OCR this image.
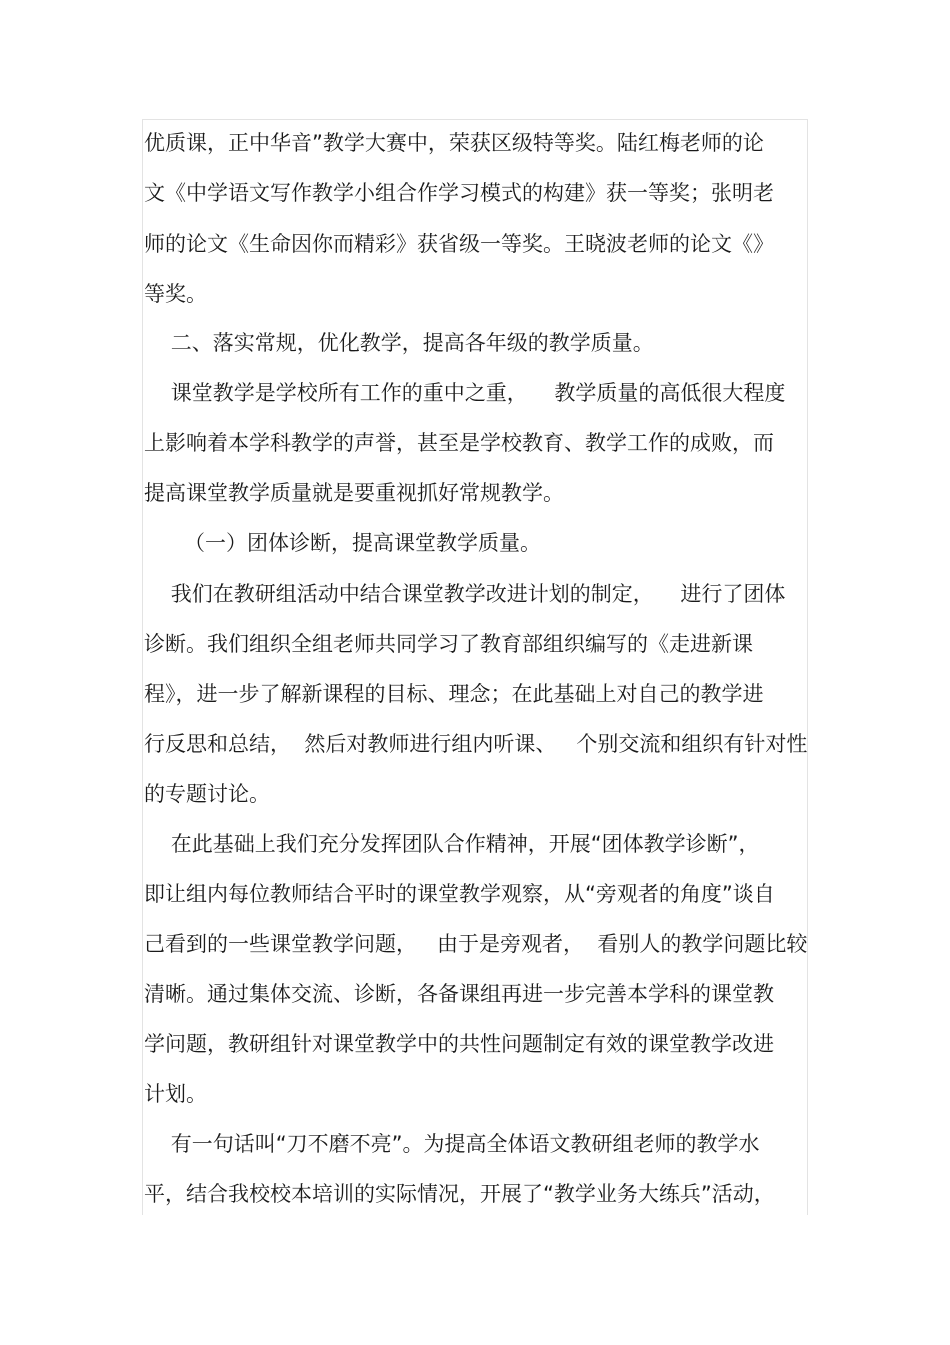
优质课，正中华音”教学大赛中，荣获区级特等奖。陆红梅老师的论
文《中学语文写作教学小组合作学习模式的构建》获一等奖；张明老
师的论文《生命因你而精彩》获省级一等奖。王晓波老师的论文《》
等奖。
二、落实常规，优化教学，提高各年级的教学质量。
课堂教学是学校所有工作的重中之重，    教学质量的高低很大程度
上影响着本学科教学的声誉，甚至是学校教育、教学工作的成败，而
提高课堂教学质量就是要重视抓好常规教学。
（一）团体诊断，提高课堂教学质量。
我们在教研组活动中结合课堂教学改进计划的制定，    进行了团体
诊断。我们组织全组老师共同学习了教育部组织编写的《走进新课
程》，进一步了解新课程的目标、理念；在此基础上对自己的教学进
行反思和总结，  然后对教师进行组内听课、   个别交流和组织有针对性
的专题讨论。
在此基础上我们充分发挥团队合作精神，开展“团体教学诊断”，
即让组内每位教师结合平时的课堂教学观察，从“旁观者的角度”谈自
己看到的一些课堂教学问题，   由于是旁观者，  看别人的教学问题比较
清晰。通过集体交流、诊断，各备课组再进一步完善本学科的课堂教
学问题，教研组针对课堂教学中的共性问题制定有效的课堂教学改进
计划。
有一句话叫“刀不磨不亮”。为提高全体语文教研组老师的教学水
平，结合我校校本培训的实际情况，开展了“教学业务大练兵”活动，
